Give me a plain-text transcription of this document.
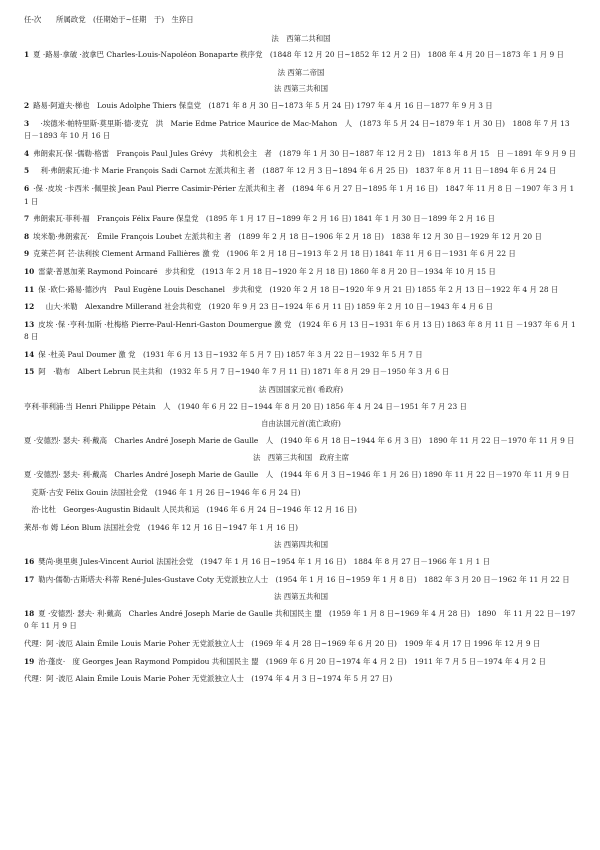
任-次　　所属政党　(任期始于~任期　于)　生猝日
法　西第二共和国
1 夏 ·路易·拿破 ·波拿巴 Charles-Louis-Napoléon Bonaparte 秩序党　(1848 年 12 月 20 日~1852 年 12 月 2 日)　1808 年 4 月 20 日－1873 年 1 月 9 日
法 西第二帝国
法 西第三共和国
2 路易·阿道夫·梯也　Louis Adolphe Thiers 保皇党　(1871 年 8 月 30 日~1873 年 5 月 24 日) 1797 年 4 月 16 日－1877 年 9 月 3 日
3　·埃德米·帕特里斯·莫里斯·德·麦克　洪　Marie Edme Patrice Maurice de Mac-Mahon　人　(1873 年 5 月 24 日~1879 年 1 月 30 日)　1808 年 7 月 13 日－1893 年 10 月 16 日
4 弗朗索瓦·保 ·儒勒·格雷　François Paul Jules Grévy　共和机会主　者　(1879 年 1 月 30 日~1887 年 12 月 2 日)　1813 年 8 月 15　日 －1891 年 9 月 9 日
5　利·弗朗索瓦·迪·卡 Marie François Sadi Carnot 左派共和主 者　(1887 年 12 月 3 日~1894 年 6 月 25 日)　1837 年 8 月 11 日－1894 年 6 月 24 日
6 ·保 ·皮埃 ·卡西米 ·佩里挨 Jean Paul Pierre Casimir-Périer 左派共和主 者　(1894 年 6 月 27 日~1895 年 1 月 16 日)　1847 年 11 月 8 日 －1907 年 3 月 11 日
7 弗朗索瓦·菲利·福　François Félix Faure 保皇党　(1895 年 1 月 17 日~1899 年 2 月 16 日) 1841 年 1 月 30 日－1899 年 2 月 16 日
8 埃米勒·弗朗索瓦·　Émile François Loubet 左派共和主 者　(1899 年 2 月 18 日~1906 年 2 月 18 日)　1838 年 12 月 30 日－1929 年 12 月 20 日
9 克莱芒·阿 芒·法利挨 Clement Armand Fallières 激 党　(1906 年 2 月 18 日~1913 年 2 月 18 日) 1841 年 11 月 6 日－1931 年 6 月 22 日
10 雷蒙·普恩加莱 Raymond Poincaré　步共和党　(1913 年 2 月 18 日~1920 年 2 月 18 日) 1860 年 8 月 20 日－1934 年 10 月 15 日
11 保 ·欧仁·路易·德沙内　Paul Eugène Louis Deschanel　步共和党　(1920 年 2 月 18 日~1920 年 9 月 21 日) 1855 年 2 月 13 日－1922 年 4 月 28 日
12　山大·米勒　Alexandre Millerand 社会共和党　(1920 年 9 月 23 日~1924 年 6 月 11 日) 1859 年 2 月 10 日－1943 年 4 月 6 日
13 皮埃 ·保 ·亨利·加斯 ·杜梅格 Pierre-Paul-Henri-Gaston Doumergue 激 党　(1924 年 6 月 13 日~1931 年 6 月 13 日) 1863 年 8 月 11 日 －1937 年 6 月 18 日
14 保 ·杜美 Paul Doumer 激 党　(1931 年 6 月 13 日~1932 年 5 月 7 日) 1857 年 3 月 22 日－1932 年 5 月 7 日
15 阿　·勒布　Albert Lebrun 民主共和　(1932 年 5 月 7 日~1940 年 7 月 11 日) 1871 年 8 月 29 日－1950 年 3 月 6 日
法 西国国家元首( 希政府)
亨利·菲利浦·当 Henri Philippe Pétain　人　(1940 年 6 月 22 日~1944 年 8 月 20 日) 1856 年 4 月 24 日－1951 年 7 月 23 日
自由法国元首(流亡政府)
夏 ·安德烈· 瑟夫· 利·戴高　Charles André Joseph Marie de Gaulle　人　(1940 年 6 月 18 日~1944 年 6 月 3 日)　1890 年 11 月 22 日－1970 年 11 月 9 日
法　西第三共和国　政府主席
夏 ·安德烈· 瑟夫· 利·戴高　Charles André Joseph Marie de Gaulle　人　(1944 年 6 月 3 日~1946 年 1 月 26 日) 1890 年 11 月 22 日－1970 年 11 月 9 日
　克斯·古安 Félix Gouin 法国社会党　(1946 年 1 月 26 日~1946 年 6 月 24 日)
　治·比杜　Georges-Augustin Bidault 人民共和运　(1946 年 6 月 24 日~1946 年 12 月 16 日)
莱昂·布 姆 Léon Blum 法国社会党　(1946 年 12 月 16 日~1947 年 1 月 16 日)
法 西第四共和国
16 樊尚·奥里奥 Jules-Vincent Auriol 法国社会党　(1947 年 1 月 16 日~1954 年 1 月 16 日)　1884 年 8 月 27 日－1966 年 1 月 1 日
17 勒内·儒勒-古斯塔夫·科蒂 René-Jules-Gustave Coty 无党派独立人士　(1954 年 1 月 16 日~1959 年 1 月 8 日)　1882 年 3 月 20 日－1962 年 11 月 22 日
法 西第五共和国
18 夏 ·安德烈· 瑟夫· 利·戴高　Charles André Joseph Marie de Gaulle 共和国民主 盟　(1959 年 1 月 8 日~1969 年 4 月 28 日)　1890　年 11 月 22 日－1970 年 11 月 9 日
代理：阿 ·波厄 Alain Émile Louis Marie Poher 无党派独立人士　(1969 年 4 月 28 日~1969 年 6 月 20 日)　1909 年 4 月 17 日 1996 年 12 月 9 日
19 治·蓬皮·　度 Georges Jean Raymond Pompidou 共和国民主 盟　(1969 年 6 月 20 日~1974 年 4 月 2 日)　1911 年 7 月 5 日－1974 年 4 月 2 日
代理：阿 ·波厄 Alain Émile Louis Marie Poher 无党派独立人士　(1974 年 4 月 3 日~1974 年 5 月 27 日)
